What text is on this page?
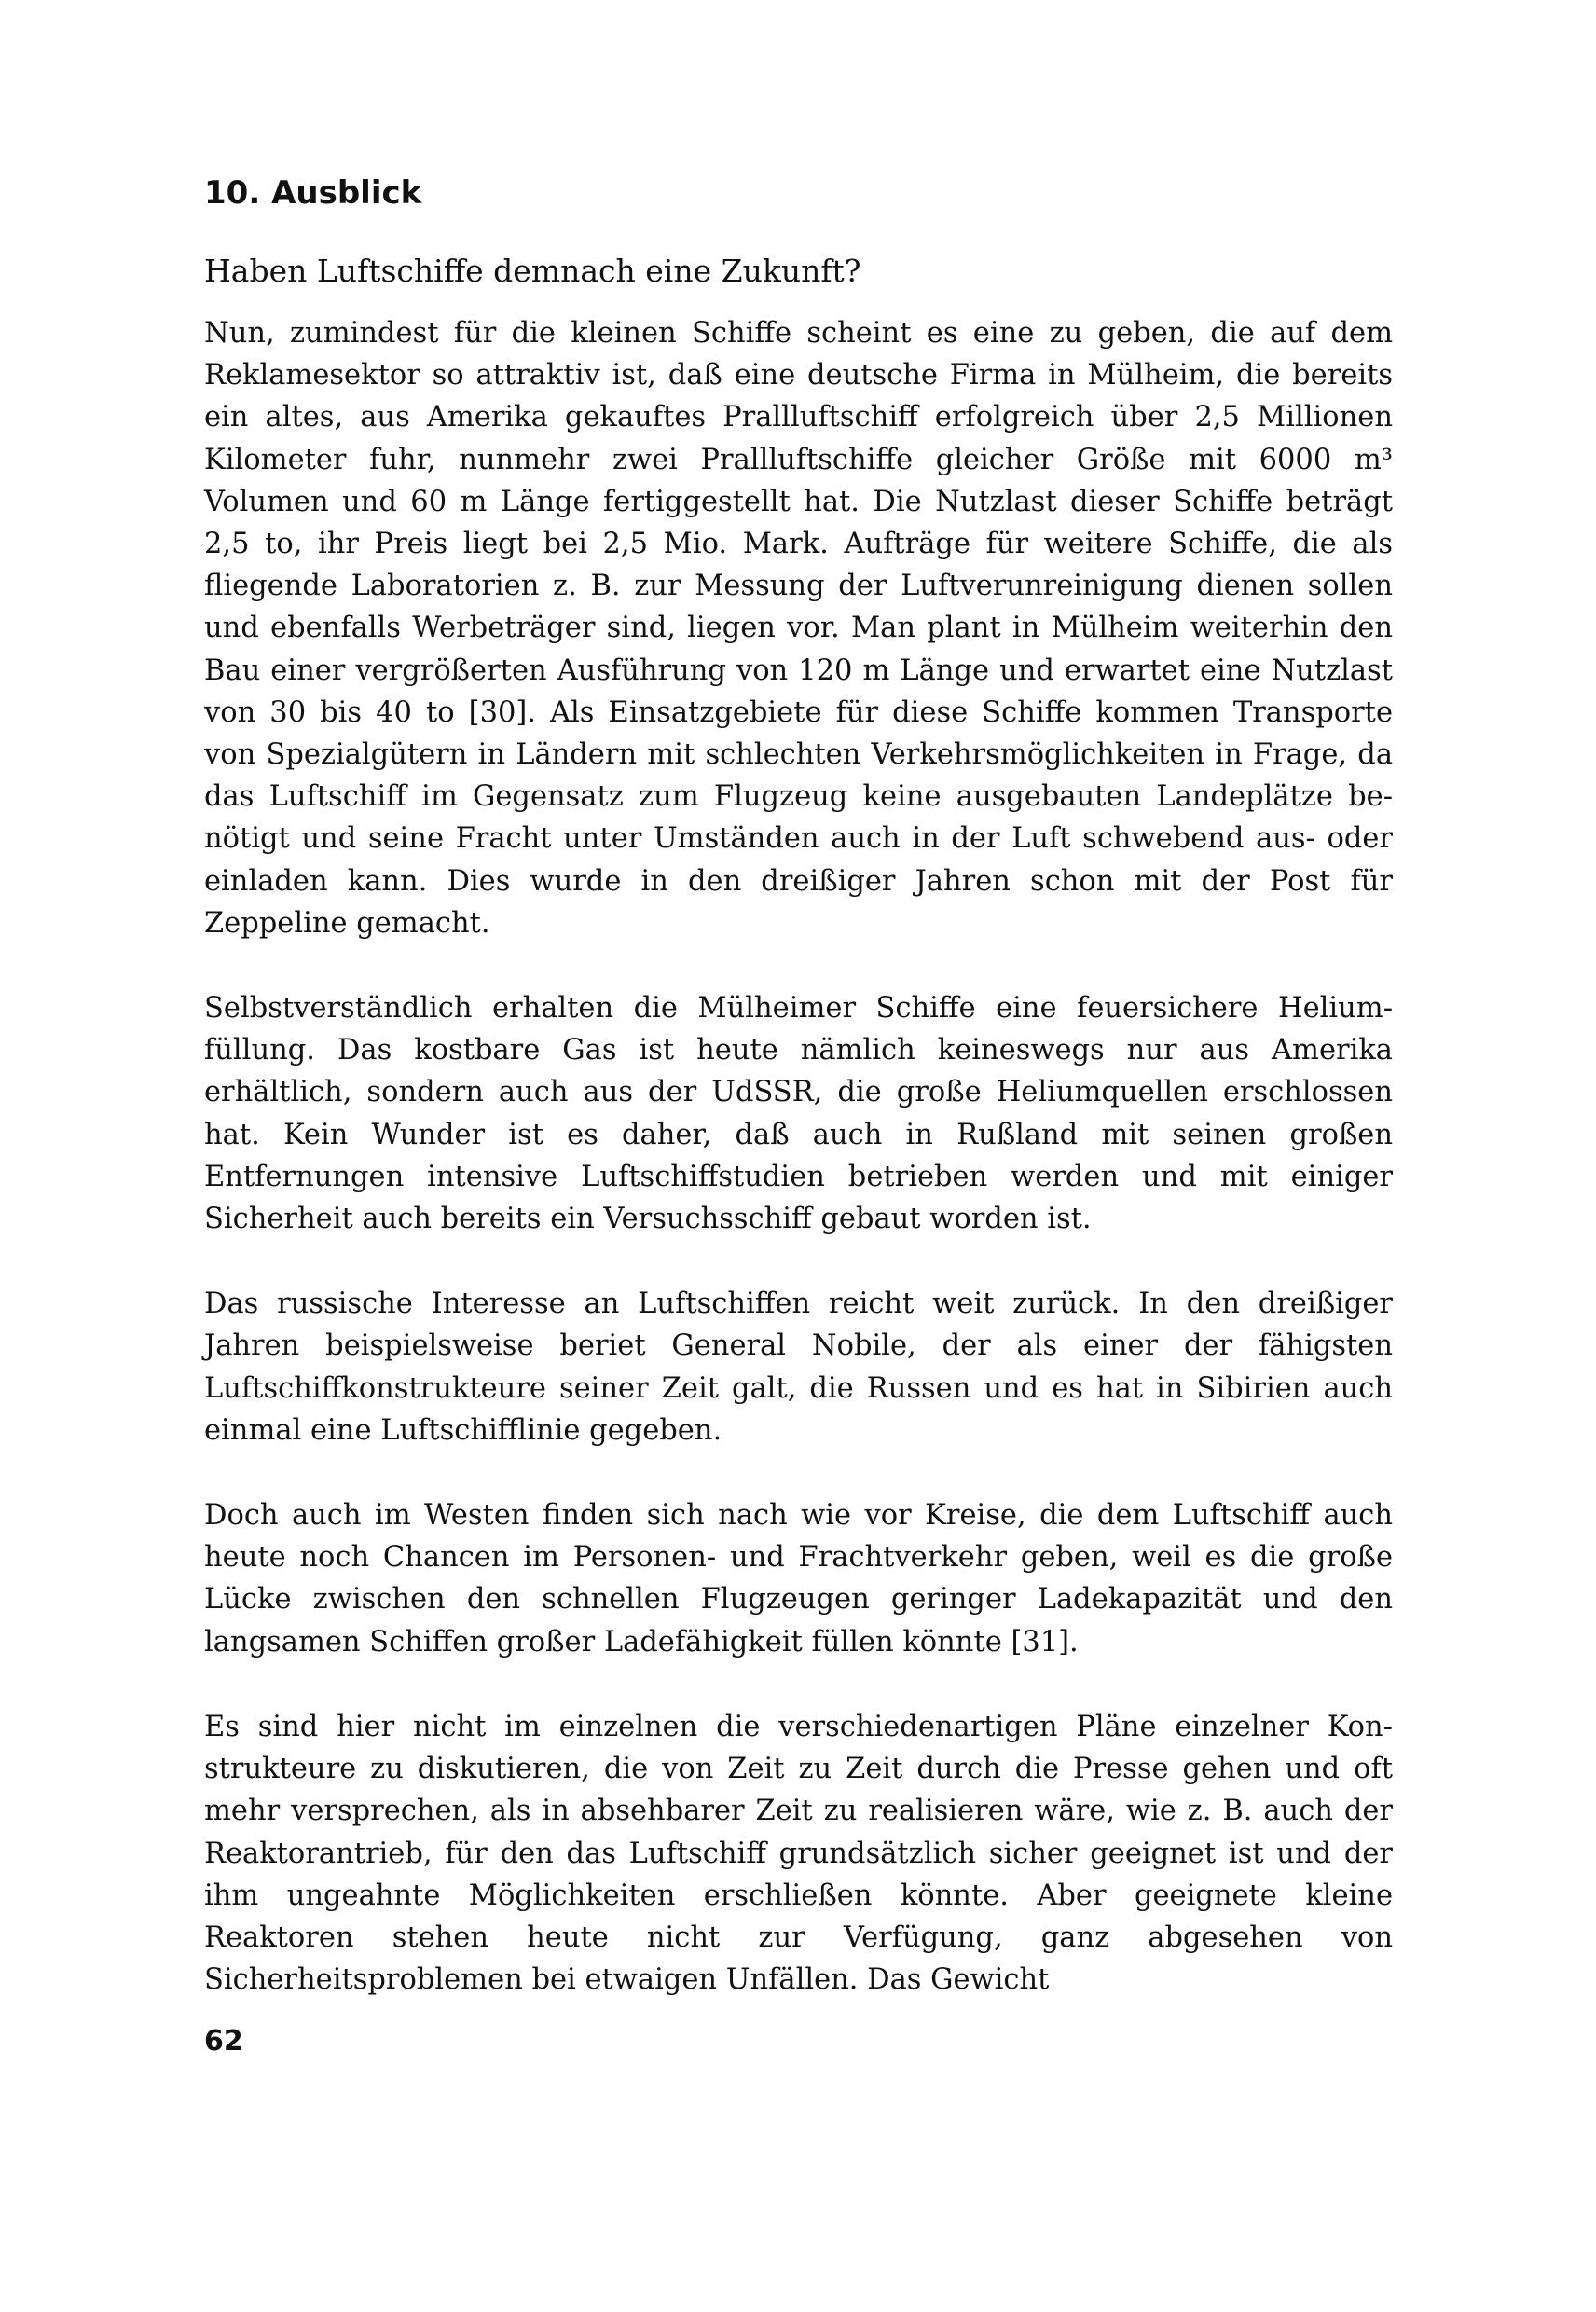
10. Ausblick

Haben Luftschiffe demnach eine Zukunft?

Nun, zumindest für die kleinen Schiffe scheint es eine zu geben, die auf dem Reklamesektor so attraktiv ist, daß eine deutsche Firma in Mülheim, die bereits ein altes, aus Amerika gekauftes Prallluftschiff erfolgreich über 2,5 Millionen Kilometer fuhr, nunmehr zwei Prallluftschiffe gleicher Größe mit 6000 m³ Volumen und 60 m Länge fertiggestellt hat. Die Nutzlast dieser Schiffe beträgt 2,5 to, ihr Preis liegt bei 2,5 Mio. Mark. Aufträge für weitere Schiffe, die als fliegende Laboratorien z. B. zur Messung der Luftverunreinigung dienen sollen und ebenfalls Werbeträger sind, liegen vor. Man plant in Mülheim weiterhin den Bau einer vergrößerten Ausführung von 120 m Länge und erwartet eine Nutzlast von 30 bis 40 to [30]. Als Einsatzgebiete für diese Schiffe kommen Transporte von Spezialgütern in Ländern mit schlechten Verkehrsmöglichkeiten in Frage, da das Luftschiff im Gegensatz zum Flugzeug keine ausgebauten Landeplätze benötigt und seine Fracht unter Umständen auch in der Luft schwebend aus- oder einladen kann. Dies wurde in den dreißiger Jahren schon mit der Post für Zeppeline gemacht.

Selbstverständlich erhalten die Mülheimer Schiffe eine feuersichere Heliumfüllung. Das kostbare Gas ist heute nämlich keineswegs nur aus Amerika erhältlich, sondern auch aus der UdSSR, die große Heliumquellen erschlossen hat. Kein Wunder ist es daher, daß auch in Rußland mit seinen großen Entfernungen intensive Luftschiffstudien betrieben werden und mit einiger Sicherheit auch bereits ein Versuchsschiff gebaut worden ist.

Das russische Interesse an Luftschiffen reicht weit zurück. In den dreißiger Jahren beispielsweise beriet General Nobile, der als einer der fähigsten Luftschiffkonstrukteure seiner Zeit galt, die Russen und es hat in Sibirien auch einmal eine Luftschifflinie gegeben.

Doch auch im Westen finden sich nach wie vor Kreise, die dem Luftschiff auch heute noch Chancen im Personen- und Frachtverkehr geben, weil es die große Lücke zwischen den schnellen Flugzeugen geringer Ladekapazität und den langsamen Schiffen großer Ladefähigkeit füllen könnte [31].

Es sind hier nicht im einzelnen die verschiedenartigen Pläne einzelner Konstrukteure zu diskutieren, die von Zeit zu Zeit durch die Presse gehen und oft mehr versprechen, als in absehbarer Zeit zu realisieren wäre, wie z. B. auch der Reaktorantrieb, für den das Luftschiff grundsätzlich sicher geeignet ist und der ihm ungeahnte Möglichkeiten erschließen könnte. Aber geeignete kleine Reaktoren stehen heute nicht zur Verfügung, ganz abgesehen von Sicherheitsproblemen bei etwaigen Unfällen. Das Gewicht

62
